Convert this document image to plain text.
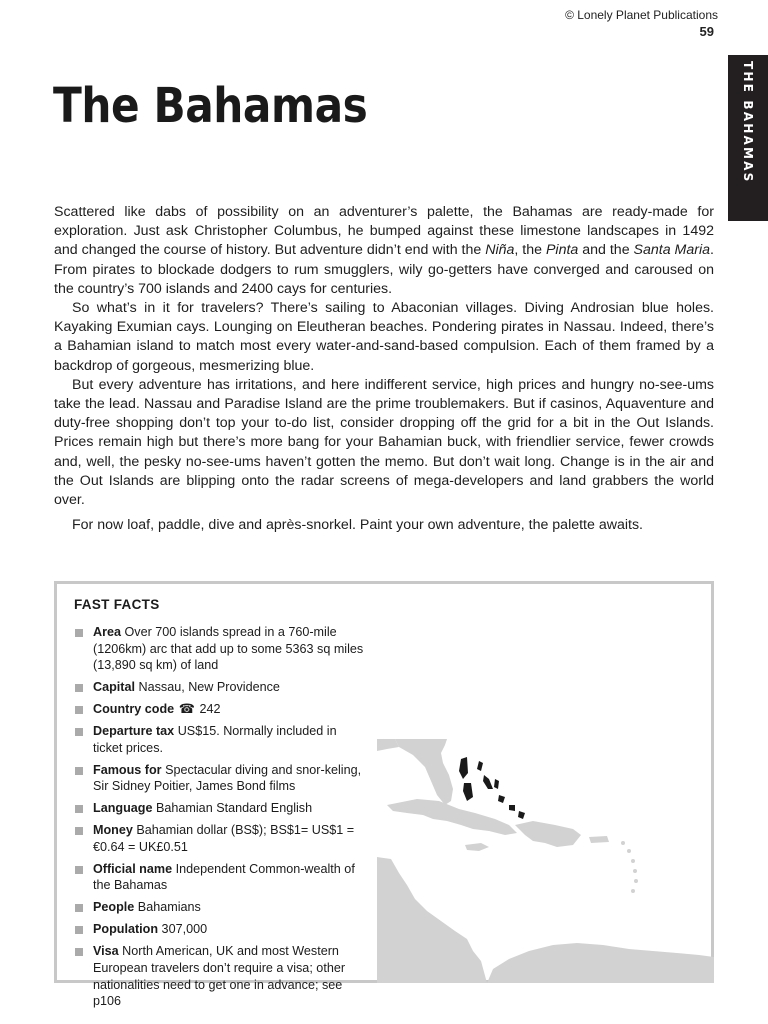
© Lonely Planet Publications
59
THE BAHAMAS
The Bahamas

Scattered like dabs of possibility on an adventurer’s palette, the Bahamas are ready-made for exploration. Just ask Christopher Columbus, he bumped against these limestone landscapes in 1492 and changed the course of history. But adventure didn’t end with the Niña, the Pinta and the Santa Maria. From pirates to blockade dodgers to rum smugglers, wily go-getters have converged and caroused on the country’s 700 islands and 2400 cays for centuries.

So what’s in it for travelers? There’s sailing to Abaconian villages. Diving Androsian blue holes. Kayaking Exumian cays. Lounging on Eleutheran beaches. Pondering pirates in Nassau. Indeed, there’s a Bahamian island to match most every water-and-sand-based compulsion. Each of them framed by a backdrop of gorgeous, mesmerizing blue.

But every adventure has irritations, and here indifferent service, high prices and hungry no-see-ums take the lead. Nassau and Paradise Island are the prime troublemakers. But if casinos, Aquaventure and duty-free shopping don’t top your to-do list, consider dropping off the grid for a bit in the Out Islands. Prices remain high but there’s more bang for your Bahamian buck, with friendlier service, fewer crowds and, well, the pesky no-see-ums haven’t gotten the memo. But don’t wait long. Change is in the air and the Out Islands are blipping onto the radar screens of mega-developers and land grabbers the world over.

For now loaf, paddle, dive and après-snorkel. Paint your own adventure, the palette awaits.

FAST FACTS
Area Over 700 islands spread in a 760-mile (1206km) arc that add up to some 5363 sq miles (13,890 sq km) of land
Capital Nassau, New Providence
Country code ☎ 242
Departure tax US$15. Normally included in ticket prices.
Famous for Spectacular diving and snor-keling, Sir Sidney Poitier, James Bond films
Language Bahamian Standard English
Money Bahamian dollar (BS$); BS$1= US$1 = €0.64 = UK£0.51
Official name Independent Common-wealth of the Bahamas
People Bahamians
Population 307,000
Visa North American, UK and most Western European travelers don’t require a visa; other nationalities need to get one in advance; see p106
